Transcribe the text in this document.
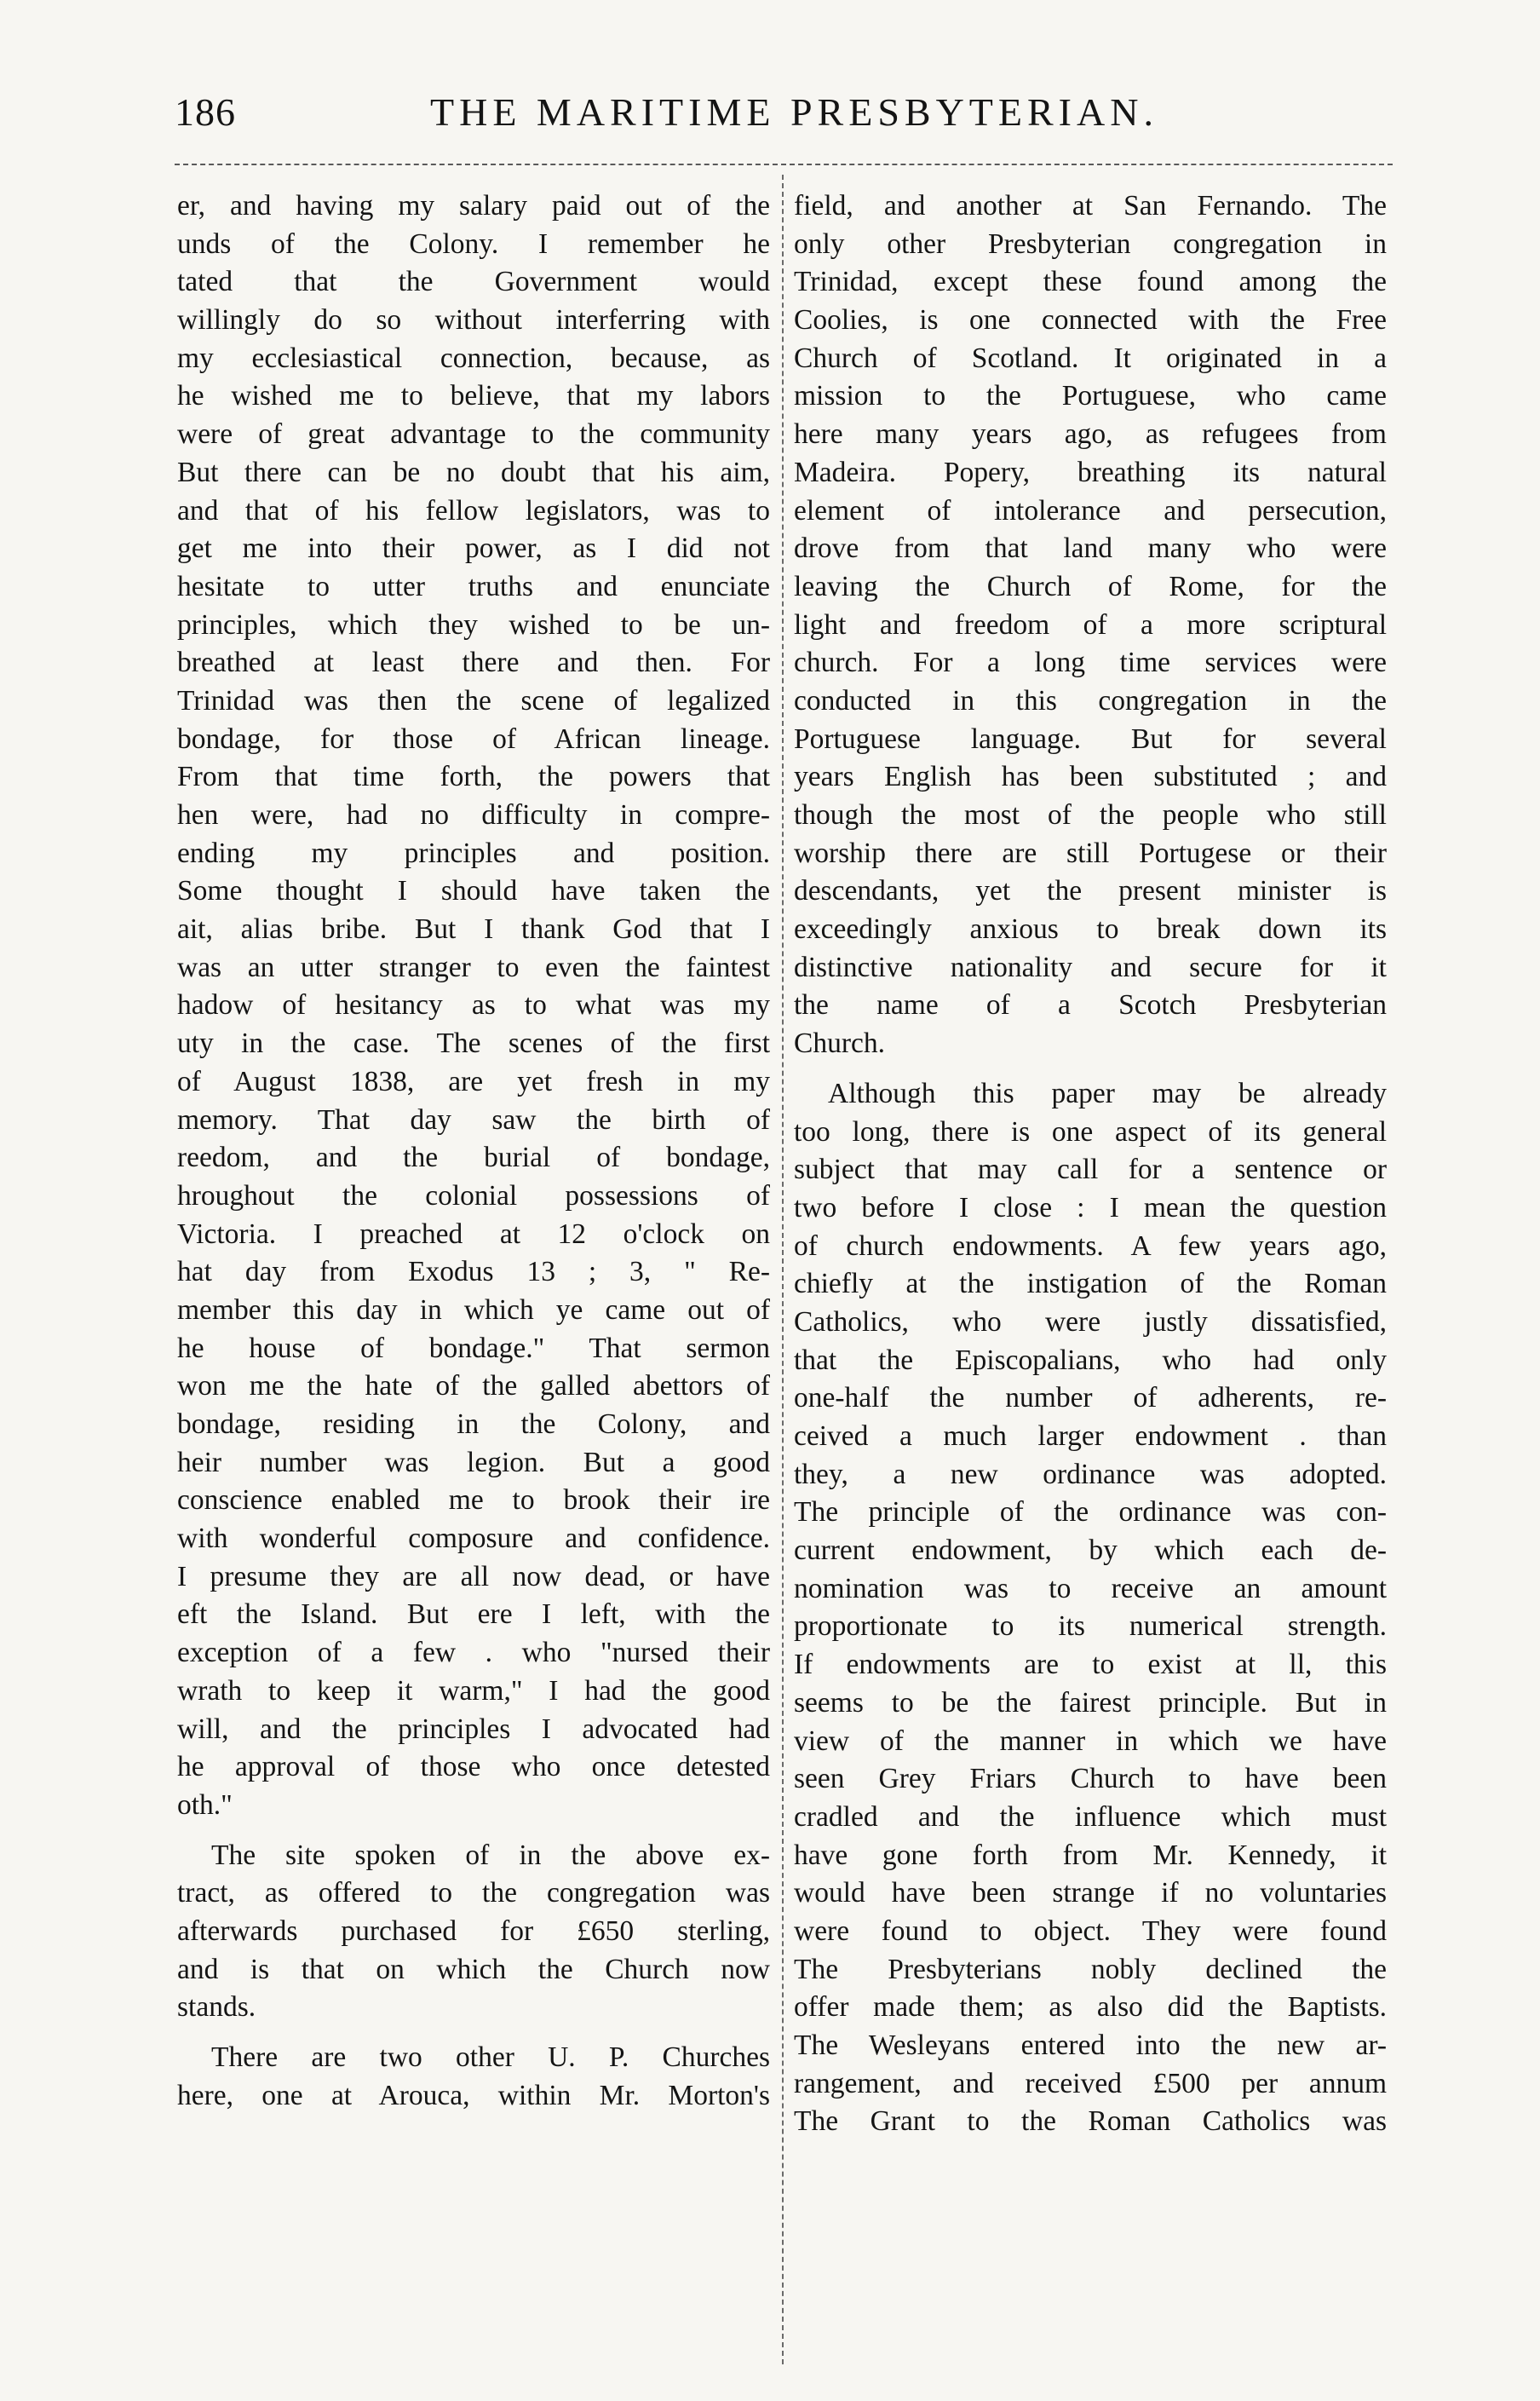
186	THE MARITIME PRESBYTERIAN.
er, and having my salary paid out of the
unds of the Colony. I remember he
tated that the Government would
willingly do so without interferring with
my ecclesiastical connection, because, as
he wished me to believe, that my labors
were of great advantage to the community
But there can be no doubt that his aim,
and that of his fellow legislators, was to
get me into their power, as I did not
hesitate to utter truths and enunciate
principles, which they wished to be un-
breathed at least there and then. For
Trinidad was then the scene of legalized
bondage, for those of African lineage.
From that time forth, the powers that
hen were, had no difficulty in compre-
ending my principles and position.
Some thought I should have taken the
ait, alias bribe. But I thank God that I
was an utter stranger to even the faintest
hadow of hesitancy as to what was my
uty in the case. The scenes of the first
of August 1838, are yet fresh in my
memory. That day saw the birth of
reedom, and the burial of bondage,
hroughout the colonial possessions of
Victoria. I preached at 12 o'clock on
hat day from Exodus 13 ; 3, " Re-
member this day in which ye came out of
he house of bondage." That sermon
won me the hate of the galled abettors of
bondage, residing in the Colony, and
heir number was legion. But a good
conscience enabled me to brook their ire
with wonderful composure and confidence.
I presume they are all now dead, or have
eft the Island. But ere I left, with the
exception of a few . who "nursed their
wrath to keep it warm," I had the good
will, and the principles I advocated had
he approval of those who once detested
oth."
The site spoken of in the above ex-
tract, as offered to the congregation was
afterwards purchased for £650 sterling,
and is that on which the Church now
stands.
There are two other U. P. Churches
here, one at Arouca, within Mr. Morton's
field, and another at San Fernando. The
only other Presbyterian congregation in
Trinidad, except these found among the
Coolies, is one connected with the Free
Church of Scotland. It originated in a
mission to the Portuguese, who came
here many years ago, as refugees from
Madeira. Popery, breathing its natural
element of intolerance and persecution,
drove from that land many who were
leaving the Church of Rome, for the
light and freedom of a more scriptural
church. For a long time services were
conducted in this congregation in the
Portuguese language. But for several
years English has been substituted ; and
though the most of the people who still
worship there are still Portugese or their
descendants, yet the present minister is
exceedingly anxious to break down its
distinctive nationality and secure for it
the name of a Scotch Presbyterian
Church.
Although this paper may be already
too long, there is one aspect of its general
subject that may call for a sentence or
two before I close : I mean the question
of church endowments. A few years ago,
chiefly at the instigation of the Roman
Catholics, who were justly dissatisfied,
that the Episcopalians, who had only
one-half the number of adherents, re-
ceived a much larger endowment . than
they, a new ordinance was adopted.
The principle of the ordinance was con-
current endowment, by which each de-
nomination was to receive an amount
proportionate to its numerical strength.
If endowments are to exist at ll, this
seems to be the fairest principle. But in
view of the manner in which we have
seen Grey Friars Church to have been
cradled and the influence which must
have gone forth from Mr. Kennedy, it
would have been strange if no voluntaries
were found to object. They were found
The Presbyterians nobly declined the
offer made them; as also did the Baptists.
The Wesleyans entered into the new ar-
rangement, and received £500 per annum
The Grant to the Roman Catholics was
